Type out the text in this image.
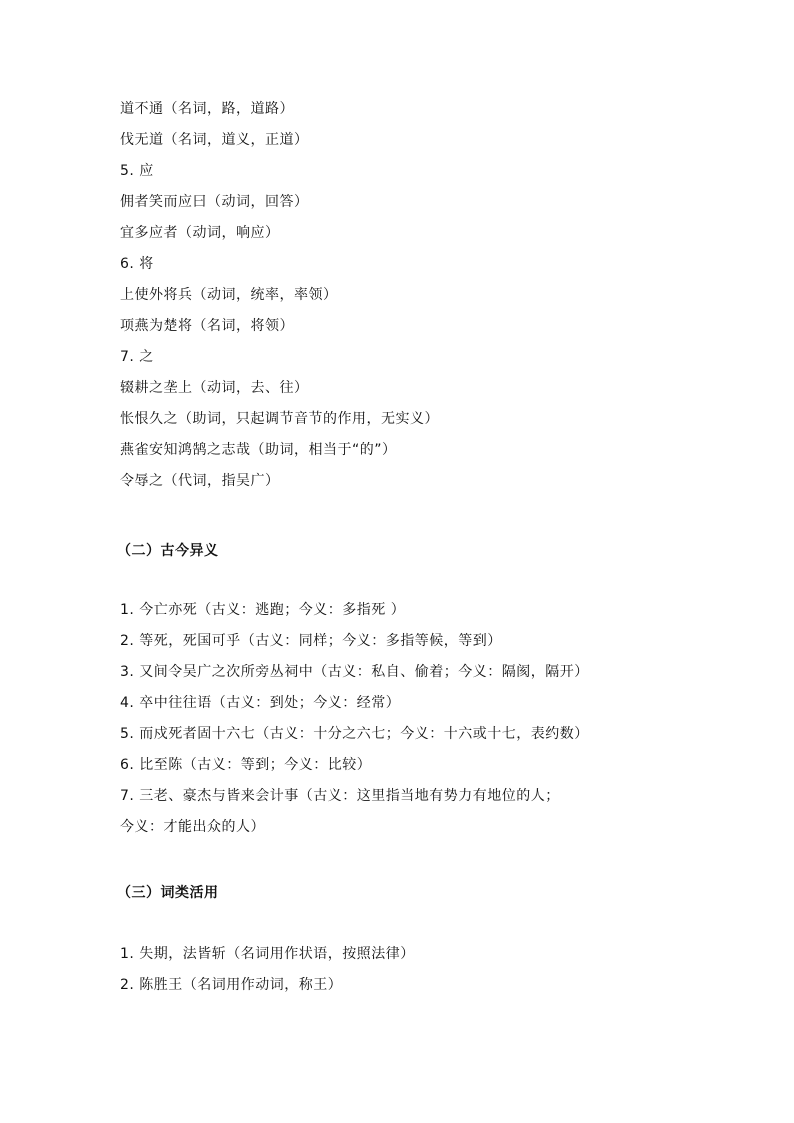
道不通（名词，路，道路）
伐无道（名词，道义，正道）
5. 应
佣者笑而应曰（动词，回答）
宜多应者（动词，响应）
6. 将
上使外将兵（动词，统率，率领）
项燕为楚将（名词，将领）
7. 之
辍耕之垄上（动词，去、往）
怅恨久之（助词，只起调节音节的作用，无实义）
燕雀安知鸿鹄之志哉（助词，相当于“的”）
令辱之（代词，指吴广）
（二）古今异义
1. 今亡亦死（古义：逃跑；今义：多指死 ）
2. 等死，死国可乎（古义：同样；今义：多指等候，等到）
3. 又间令吴广之次所旁丛祠中（古义：私自、偷着；今义：隔阂，隔开）
4. 卒中往往语（古义：到处；今义：经常）
5. 而戍死者固十六七（古义：十分之六七；今义：十六或十七，表约数）
6. 比至陈（古义：等到；今义：比较）
7. 三老、豪杰与皆来会计事（古义：这里指当地有势力有地位的人；
今义：才能出众的人）
（三）词类活用
1. 失期，法皆斩（名词用作状语，按照法律）
2. 陈胜王（名词用作动词，称王）
